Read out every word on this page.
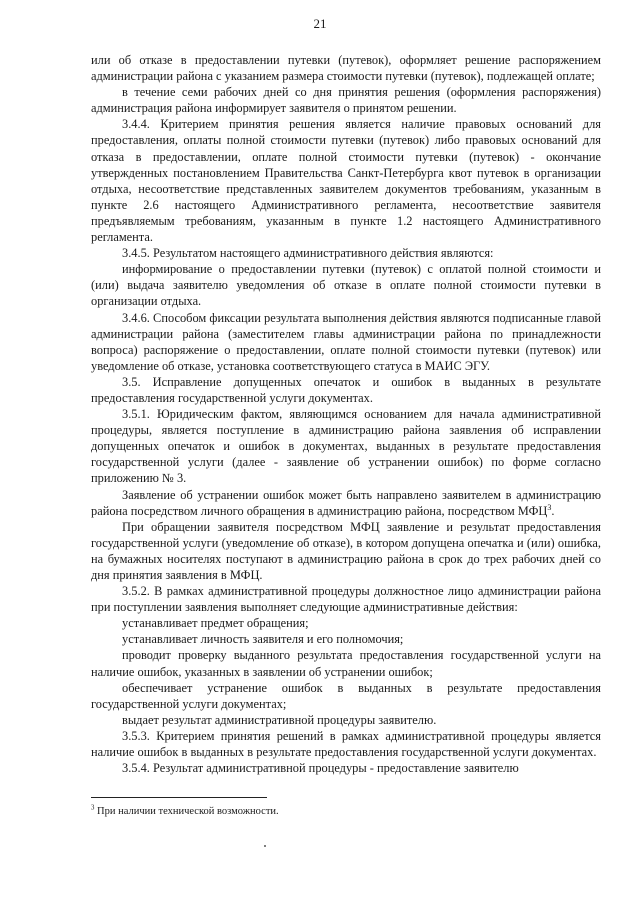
21

или об отказе в предоставлении путевки (путевок), оформляет решение распоряжением администрации района с указанием размера стоимости путевки (путевок), подлежащей оплате;

в течение семи рабочих дней со дня принятия решения (оформления распоряжения) администрация района информирует заявителя о принятом решении.

3.4.4. Критерием принятия решения является наличие правовых оснований для предоставления, оплаты полной стоимости путевки (путевок) либо правовых оснований для отказа в предоставлении, оплате полной стоимости путевки (путевок) - окончание утвержденных постановлением Правительства Санкт-Петербурга квот путевок в организации отдыха, несоответствие представленных заявителем документов требованиям, указанным в пункте 2.6 настоящего Административного регламента, несоответствие заявителя предъявляемым требованиям, указанным в пункте 1.2 настоящего Административного регламента.

3.4.5. Результатом настоящего административного действия являются:

информирование о предоставлении путевки (путевок) с оплатой полной стоимости и (или) выдача заявителю уведомления об отказе в оплате полной стоимости путевки в организации отдыха.

3.4.6. Способом фиксации результата выполнения действия являются подписанные главой администрации района (заместителем главы администрации района по принадлежности вопроса) распоряжение о предоставлении, оплате полной стоимости путевки (путевок) или уведомление об отказе, установка соответствующего статуса в МАИС ЭГУ.

3.5. Исправление допущенных опечаток и ошибок в выданных в результате предоставления государственной услуги документах.

3.5.1. Юридическим фактом, являющимся основанием для начала административной процедуры, является поступление в администрацию района заявления об исправлении допущенных опечаток и ошибок в документах, выданных в результате предоставления государственной услуги (далее - заявление об устранении ошибок) по форме согласно приложению № 3.

Заявление об устранении ошибок может быть направлено заявителем в администрацию района посредством личного обращения в администрацию района, посредством МФЦ$^3$.

При обращении заявителя посредством МФЦ заявление и результат предоставления государственной услуги (уведомление об отказе), в котором допущена опечатка и (или) ошибка, на бумажных носителях поступают в администрацию района в срок до трех рабочих дней со дня принятия заявления в МФЦ.

3.5.2. В рамках административной процедуры должностное лицо администрации района при поступлении заявления выполняет следующие административные действия:

устанавливает предмет обращения;

устанавливает личность заявителя и его полномочия;

проводит проверку выданного результата предоставления государственной услуги на наличие ошибок, указанных в заявлении об устранении ошибок;

обеспечивает устранение ошибок в выданных в результате предоставления государственной услуги документах;

выдает результат административной процедуры заявителю.

3.5.3. Критерием принятия решений в рамках административной процедуры является наличие ошибок в выданных в результате предоставления государственной услуги документах.

3.5.4. Результат административной процедуры - предоставление заявителю

$^3$ При наличии технической возможности.
